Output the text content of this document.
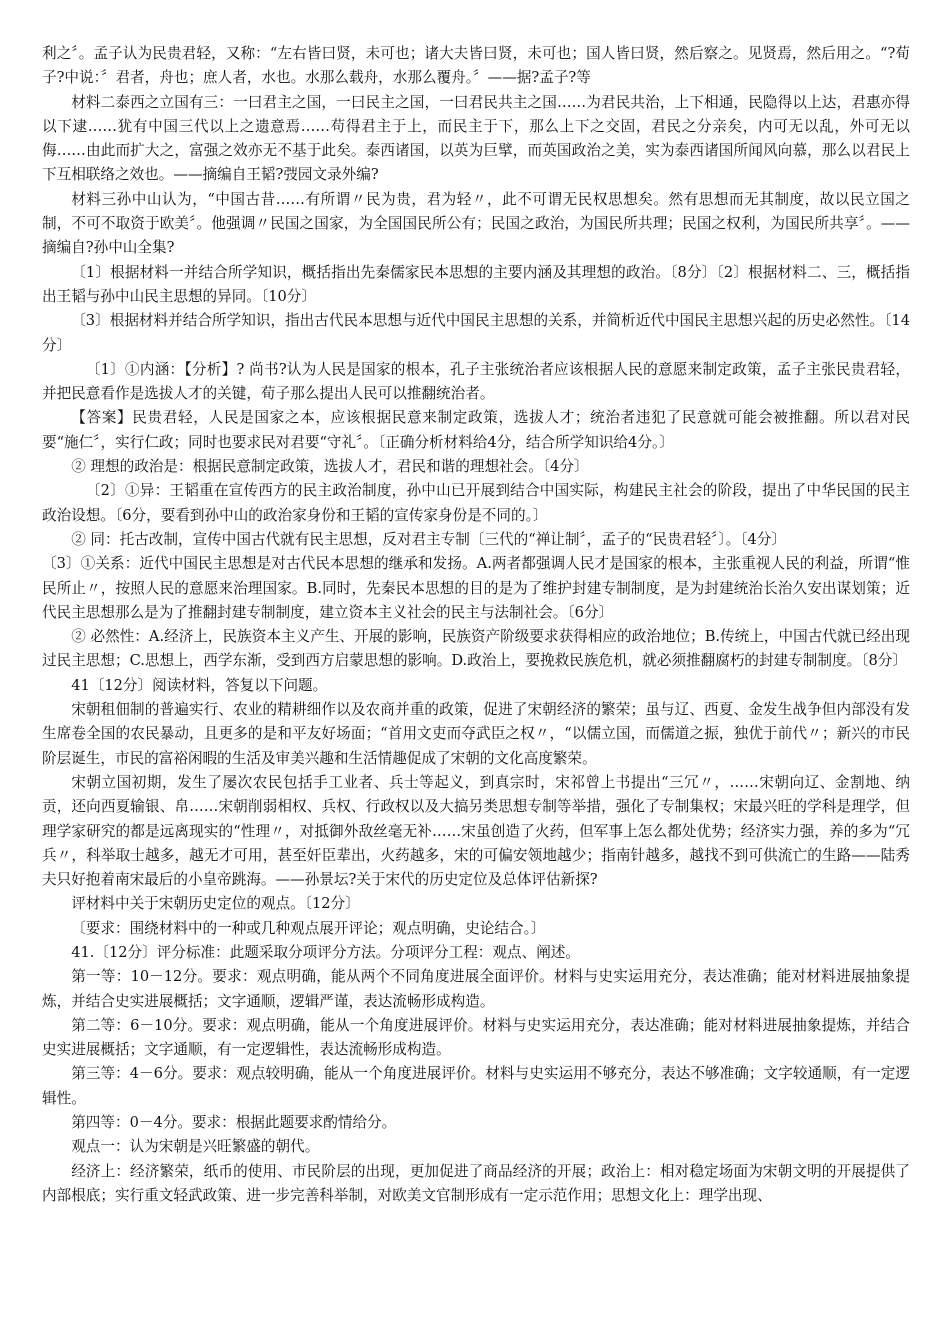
利之〞。孟子认为民贵君轻，又称：“左右皆曰贤，未可也；诸大夫皆曰贤，未可也；国人皆曰贤，然后察之。见贤焉，然后用之。“?荀子?中说：〞君者，舟也；庶人者，水也。水那么载舟，水那么覆舟。〞——据?孟子?等

材料二泰西之立国有三：一曰君主之国，一曰民主之国，一曰君民共主之国……为君民共治，上下相通，民隐得以上达，君惠亦得以下逮……犹有中国三代以上之遗意焉……苟得君主于上，而民主于下，那么上下之交固，君民之分亲矣，内可无以乱，外可无以侮……由此而扩大之，富强之效亦无不基于此矣。泰西诸国，以英为巨擘，而英国政治之美，实为泰西诸国所闻风向慕，那么以君民上下互相联络之效也。——摘编自王韬?弢园文录外编?

材料三孙中山认为，“中国古昔……有所谓〃民为贵，君为轻〃，此不可谓无民权思想矣。然有思想而无其制度，故以民立国之制，不可不取资于欧美〞。他强调〃民国之国家，为全国国民所公有；民国之政治，为国民所共理；民国之权利，为国民所共享〞。——摘编自?孙中山全集?

〔1〕根据材料一并结合所学知识，概括指出先秦儒家民本思想的主要内涵及其理想的政治。〔8分〕〔2〕根据材料二、三，概括指出王韬与孙中山民主思想的异同。〔10分〕

〔3〕根据材料并结合所学知识，指出古代民本思想与近代中国民主思想的关系，并简析近代中国民主思想兴起的历史必然性。〔14分〕

〔1〕①内涵：【分析】? 尚书?认为人民是国家的根本，孔子主张统治者应该根据人民的意愿来制定政策，孟子主张民贵君轻，并把民意看作是选拔人才的关键，荀子那么提出人民可以推翻统治者。

【答案】民贵君轻，人民是国家之本，应该根据民意来制定政策，选拔人才；统治者违犯了民意就可能会被推翻。所以君对民要“施仁〞，实行仁政；同时也要求民对君要“守礼〞。〔正确分析材料给4分，结合所学知识给4分。〕

② 理想的政治是：根据民意制定政策，选拔人才，君民和谐的理想社会。〔4分〕

〔2〕①异：王韬重在宣传西方的民主政治制度，孙中山已开展到结合中国实际，构建民主社会的阶段，提出了中华民国的民主政治设想。〔6分，要看到孙中山的政治家身份和王韬的宣传家身份是不同的。〕

② 同：托古改制，宣传中国古代就有民主思想，反对君主专制〔三代的“禅让制〞，孟子的“民贵君轻〞〕。〔4分〕

〔3〕①关系：近代中国民主思想是对古代民本思想的继承和发扬。A.两者都强调人民才是国家的根本，主张重视人民的利益，所谓“惟民所止〃，按照人民的意愿来治理国家。B.同时，先秦民本思想的目的是为了维护封建专制制度，是为封建统治长治久安出谋划策；近代民主思想那么是为了推翻封建专制制度，建立资本主义社会的民主与法制社会。〔6分〕

② 必然性：A.经济上，民族资本主义产生、开展的影响，民族资产阶级要求获得相应的政治地位；B.传统上，中国古代就已经出现过民主思想；C.思想上，西学东渐，受到西方启蒙思想的影响。D.政治上，要挽救民族危机，就必须推翻腐朽的封建专制制度。〔8分〕

41〔12分〕阅读材料，答复以下问题。

宋朝租佃制的普遍实行、农业的精耕细作以及农商并重的政策，促进了宋朝经济的繁荣；虽与辽、西夏、金发生战争但内部没有发生席卷全国的农民暴动，且更多的是和平友好场面；“首用文吏而夺武臣之权〃，“以儒立国，而儒道之振，独优于前代〃；新兴的市民阶层诞生，市民的富裕闲暇的生活及审美兴趣和生活情趣促成了宋朝的文化高度繁荣。

宋朝立国初期，发生了屡次农民包括手工业者、兵士等起义，到真宗时，宋祁曾上书提出“三冗〃，……宋朝向辽、金割地、纳贡，还向西夏输银、帛……宋朝削弱相权、兵权、行政权以及大搞另类思想专制等举措，强化了专制集权；宋最兴旺的学科是理学，但理学家研究的都是远离现实的“性理〃，对抵御外敌丝毫无补……宋虽创造了火药，但军事上怎么都处优势；经济实力强，养的多为“冗兵〃，科举取士越多，越无才可用，甚至奸臣辈出，火药越多，宋的可偏安领地越少；指南针越多，越找不到可供流亡的生路——陆秀夫只好抱着南宋最后的小皇帝跳海。——孙景坛?关于宋代的历史定位及总体评估新探?

评材料中关于宋朝历史定位的观点。〔12分〕

〔要求：围绕材料中的一种或几种观点展开评论；观点明确，史论结合。〕

41.〔12分〕评分标准：此题采取分项评分方法。分项评分工程：观点、阐述。

第一等：10－12分。要求：观点明确，能从两个不同角度进展全面评价。材料与史实运用充分，表达准确；能对材料进展抽象提炼，并结合史实进展概括；文字通顺，逻辑严谨，表达流畅形成构造。

第二等：6－10分。要求：观点明确，能从一个角度进展评价。材料与史实运用充分，表达准确；能对材料进展抽象提炼，并结合史实进展概括；文字通顺，有一定逻辑性，表达流畅形成构造。

第三等：4－6分。要求：观点较明确，能从一个角度进展评价。材料与史实运用不够充分，表达不够准确；文字较通顺，有一定逻辑性。

第四等：0－4分。要求：根据此题要求酌情给分。

观点一：认为宋朝是兴旺繁盛的朝代。

经济上：经济繁荣，纸币的使用、市民阶层的出现，更加促进了商品经济的开展；政治上：相对稳定场面为宋朝文明的开展提供了内部根底；实行重文轻武政策、进一步完善科举制，对欧美文官制形成有一定示范作用；思想文化上：理学出现、
